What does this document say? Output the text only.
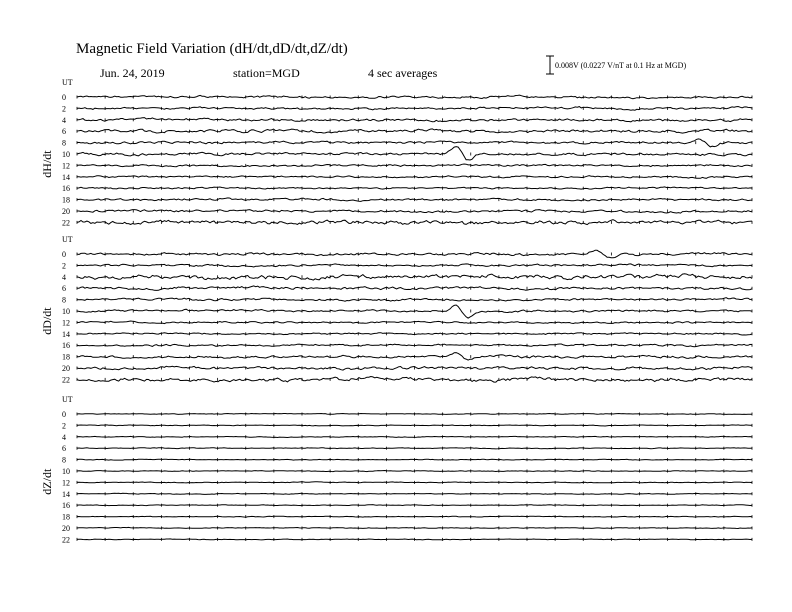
Magnetic Field Variation (dH/dt,dD/dt,dZ/dt)
Jun. 24, 2019	station=MGD	4 sec averages
0.008V (0.0227 V/nT at 0.1 Hz at MGD)
UT
dH/dt
0
2
4
6
8
10
12
14
16
18
20
22
UT
dD/dt
0
2
4
6
8
10
12
14
16
18
20
22
UT
dZ/dt
0
2
4
6
8
10
12
14
16
18
20
22
